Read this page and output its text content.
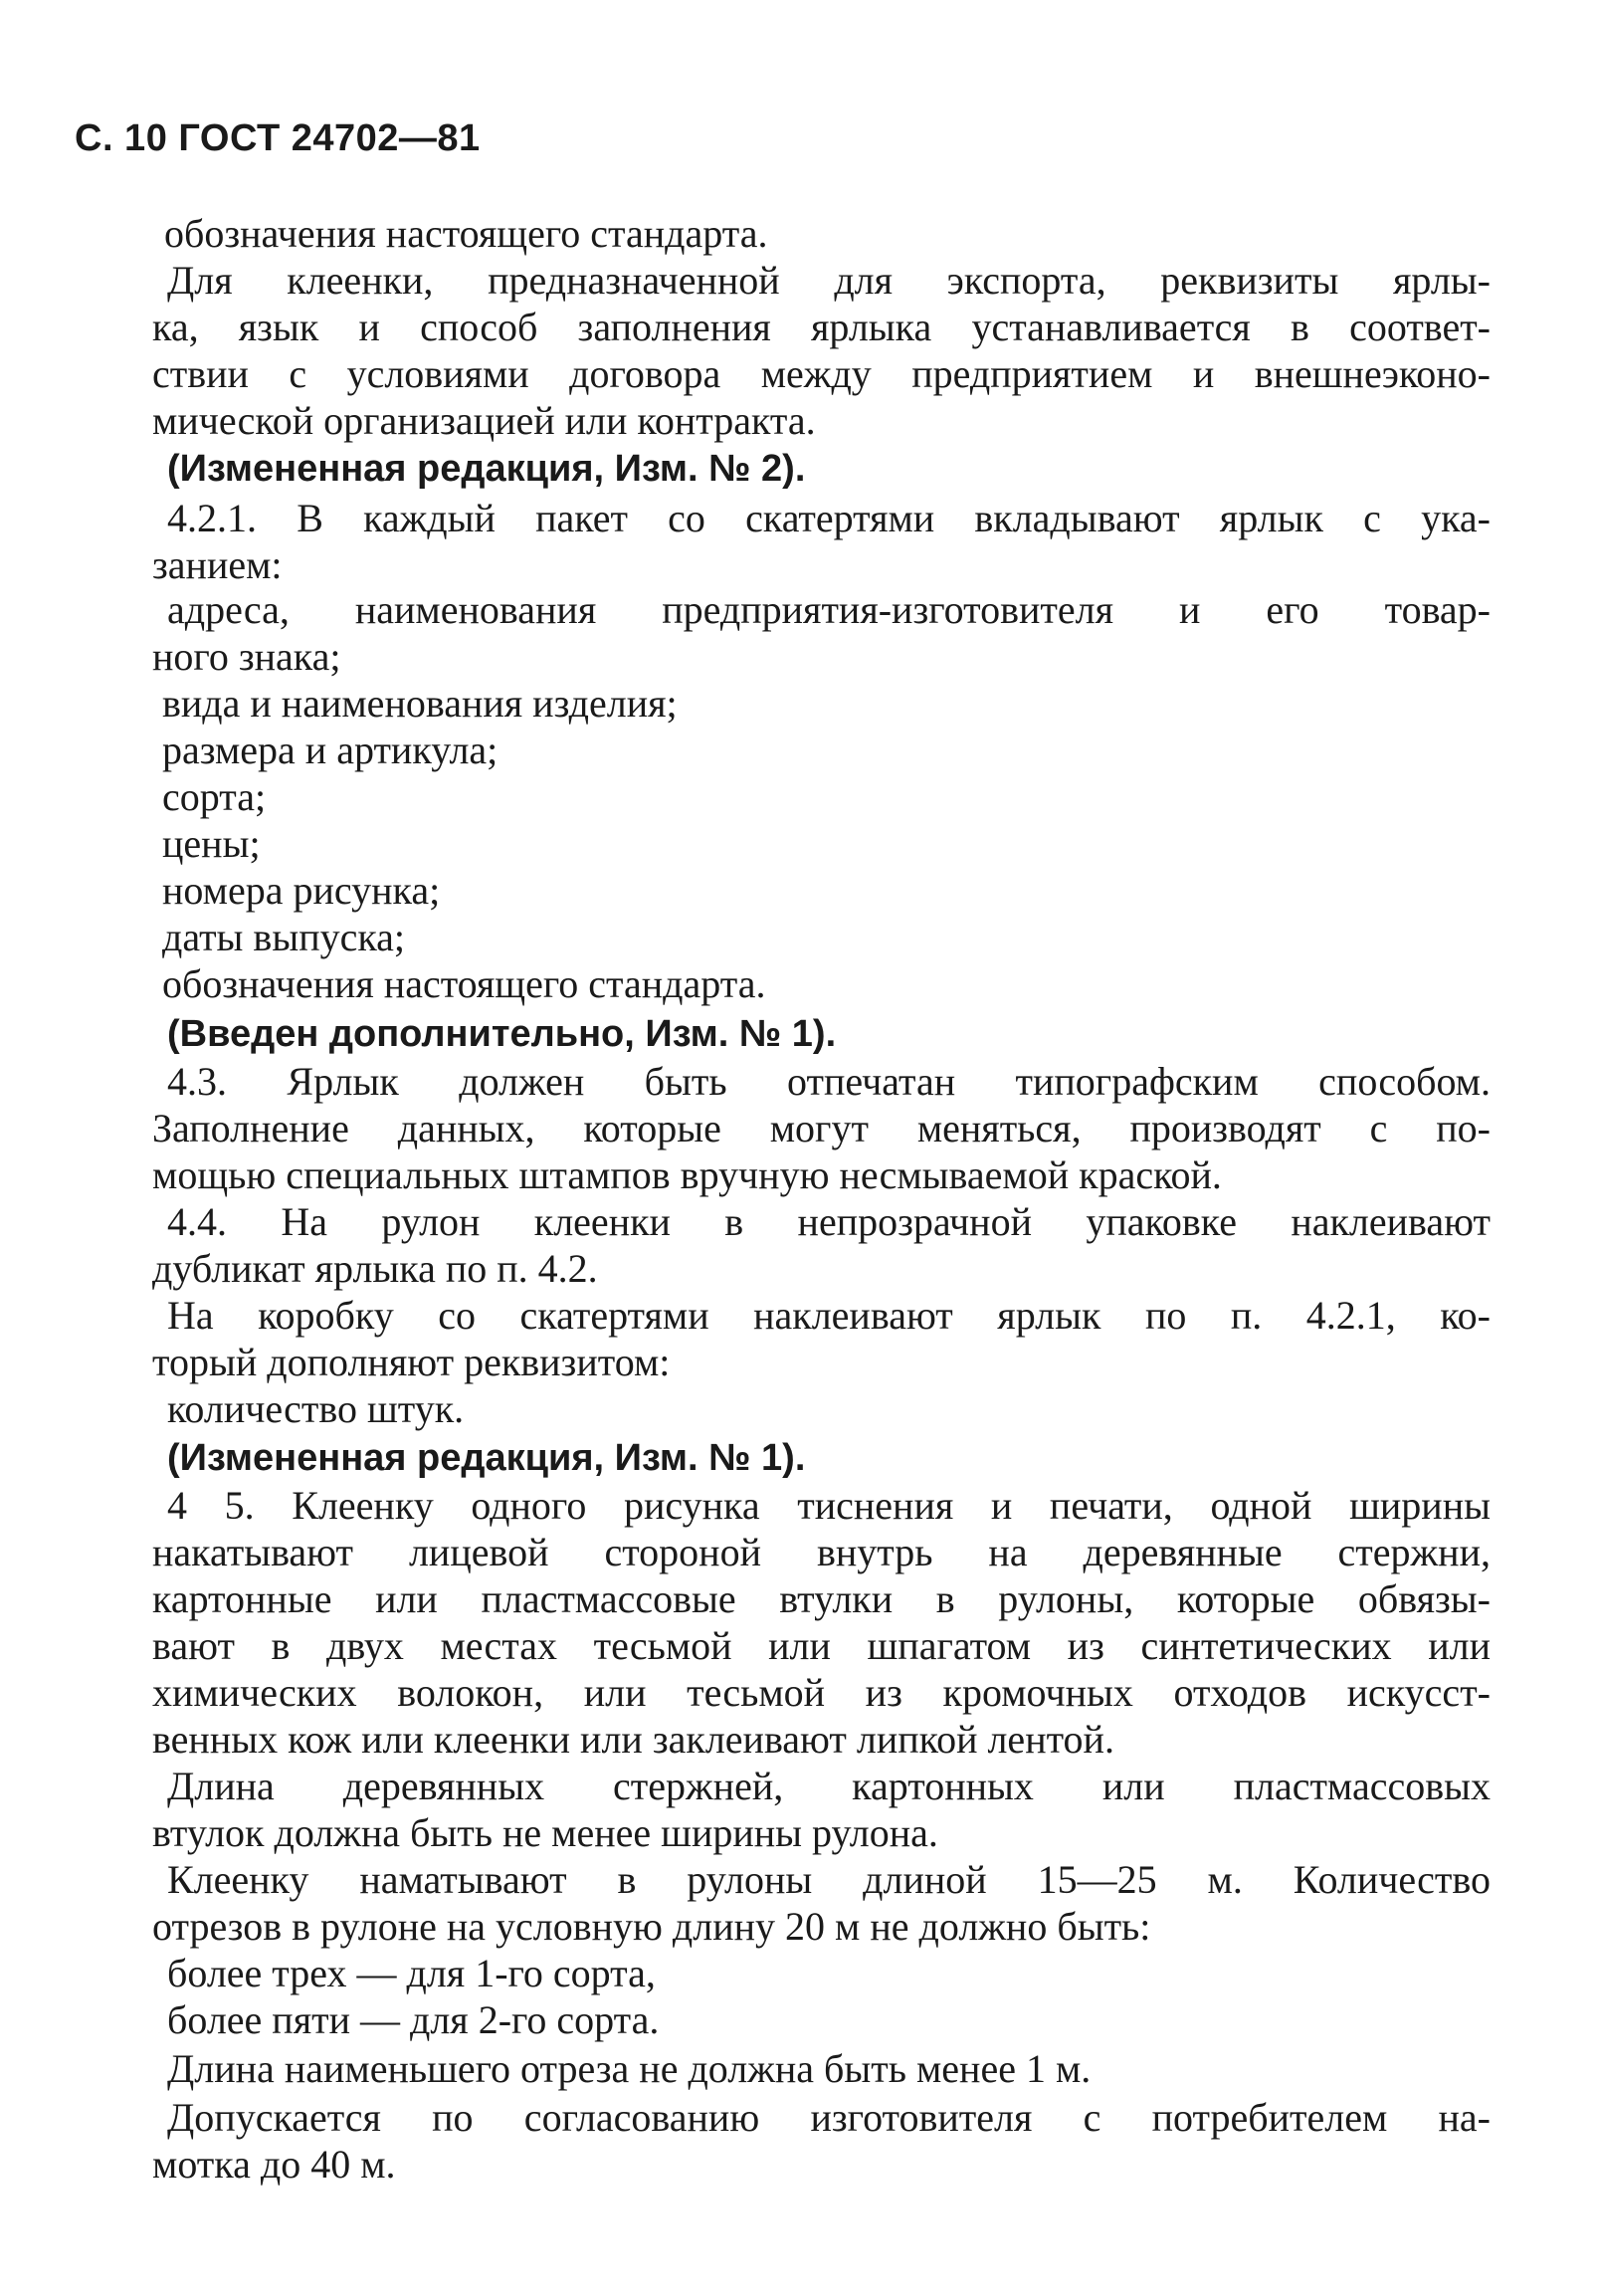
С. 10 ГОСТ 24702—81
обозначения настоящего стандарта.
Для клеенки, предназначенной для экспорта, реквизиты ярлы-
ка, язык и способ заполнения ярлыка устанавливается в соответ-
ствии с условиями договора между предприятием и внешнеэконо-
мической организацией или контракта.
(Измененная редакция, Изм. № 2).
4.2.1. В каждый пакет со скатертями вкладывают ярлык с ука-
занием:
адреса, наименования предприятия-изготовителя и его товар-
ного знака;
вида и наименования изделия;
размера и артикула;
сорта;
цены;
номера рисунка;
даты выпуска;
обозначения настоящего стандарта.
(Введен дополнительно, Изм. № 1).
4.3. Ярлык должен быть отпечатан типографским способом.
Заполнение данных, которые могут меняться, производят с по-
мощью специальных штампов вручную несмываемой краской.
4.4. На рулон клеенки в непрозрачной упаковке наклеивают
дубликат ярлыка по п. 4.2.
На коробку со скатертями наклеивают ярлык по п. 4.2.1, ко-
торый дополняют реквизитом:
количество штук.
(Измененная редакция, Изм. № 1).
4 5. Клеенку одного рисунка тиснения и печати, одной ширины
накатывают лицевой стороной внутрь на деревянные стержни,
картонные или пластмассовые втулки в рулоны, которые обвязы-
вают в двух местах тесьмой или шпагатом из синтетических или
химических волокон, или тесьмой из кромочных отходов искусст-
венных кож или клеенки или заклеивают липкой лентой.
Длина деревянных стержней, картонных или пластмассовых
втулок должна быть не менее ширины рулона.
Клеенку наматывают в рулоны длиной 15—25 м. Количество
отрезов в рулоне на условную длину 20 м не должно быть:
более трех — для 1-го сорта,
более пяти — для 2-го сорта.
Длина наименьшего отреза не должна быть менее 1 м.
Допускается по согласованию изготовителя с потребителем на-
мотка до 40 м.
